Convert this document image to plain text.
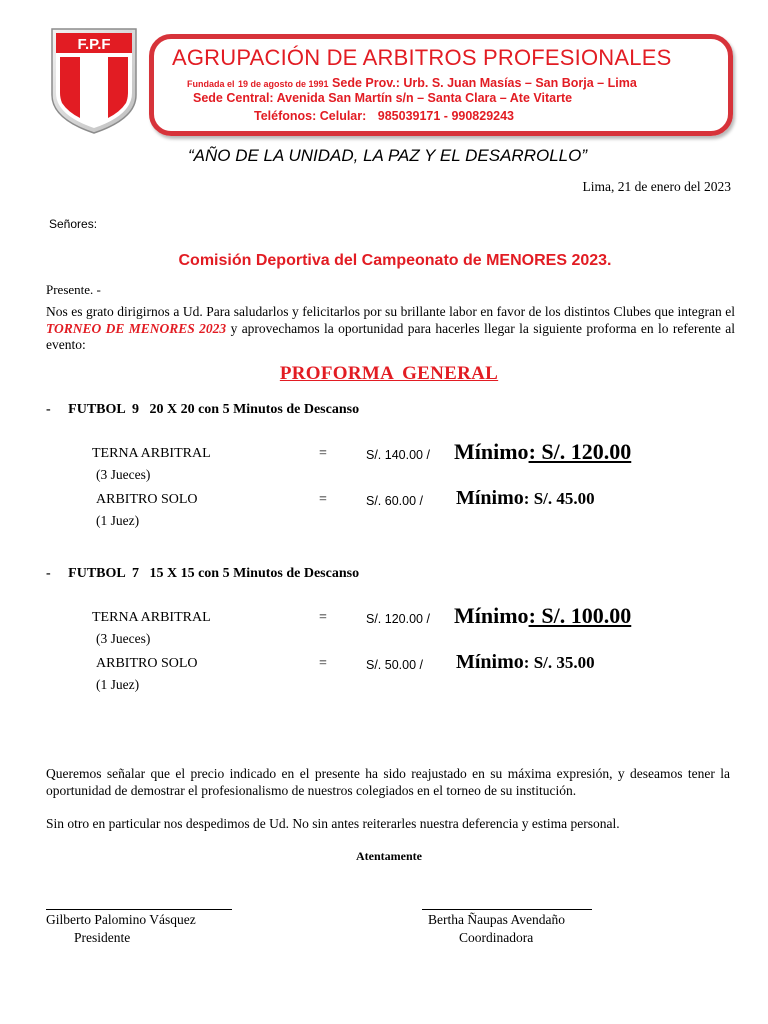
F.P.F
AGRUPACIÓN DE ARBITROS PROFESIONALES
Fundada el 19 de agosto de 1991 Sede Prov.: Urb. S. Juan Masías – San Borja – Lima
Sede Central: Avenida San Martín s/n – Santa Clara – Ate Vitarte
Teléfonos: Celular: 985039171 - 990829243
“AÑO DE LA UNIDAD, LA PAZ Y EL DESARROLLO”
Lima, 21 de enero del 2023
Señores:
Comisión Deportiva del Campeonato de MENORES 2023.
Presente. -
Nos es grato dirigirnos a Ud. Para saludarlos y felicitarlos por su brillante labor en favor de los distintos Clubes que integran el TORNEO DE MENORES 2023 y aprovechamos la oportunidad para hacerles llegar la siguiente proforma en lo referente al evento:
PROFORMA GENERAL
-     FUTBOL  9   20 X 20 con 5 Minutos de Descanso
TERNA ARBITRAL
(3 Jueces)
=	S/. 140.00 / Mínimo: S/. 120.00
ARBITRO SOLO
(1 Juez)
=	S/. 60.00 / Mínimo: S/. 45.00
-     FUTBOL  7   15 X 15 con 5 Minutos de Descanso
TERNA ARBITRAL
(3 Jueces)
=	S/. 120.00 / Mínimo: S/. 100.00
ARBITRO SOLO
(1 Juez)
=	S/. 50.00 / Mínimo: S/. 35.00
Queremos señalar que el precio indicado en el presente ha sido reajustado en su máxima expresión, y deseamos tener la oportunidad de demostrar el profesionalismo de nuestros colegiados en el torneo de su institución.
Sin otro en particular nos despedimos de Ud. No sin antes reiterarles nuestra deferencia y estima personal.
Atentamente
Gilberto Palomino Vásquez
Presidente
Bertha Ñaupas Avendaño
Coordinadora
